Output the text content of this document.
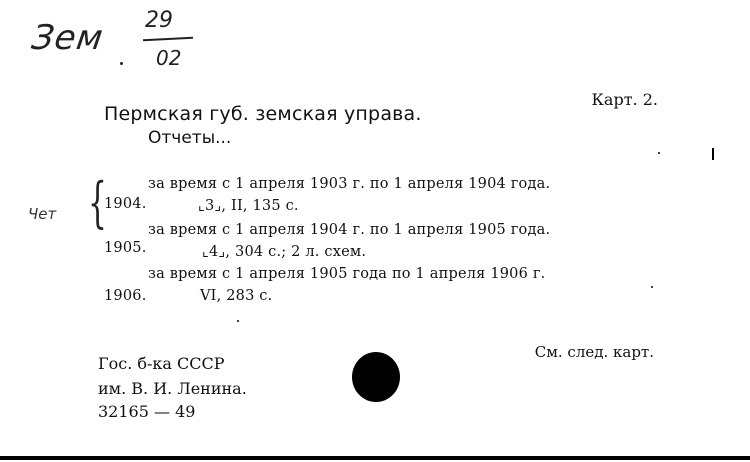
Зем 29
02
Чет
Карт. 2.
Пермская губ. земская управа.
Отчеты...
{	за время с 1 апреля 1903 г. по 1 апреля 1904 года.
1904.	⌞3⌟, II, 135 с.
за время с 1 апреля 1904 г. по 1 апреля 1905 года.
1905.	⌞4⌟, 304 с.; 2 л. схем.
за время с 1 апреля 1905 года по 1 апреля 1906 г.
1906.	VI, 283 с.
См. след. карт.
Гос. б-ка СССР
им. В. И. Ленина.
32165 — 49
